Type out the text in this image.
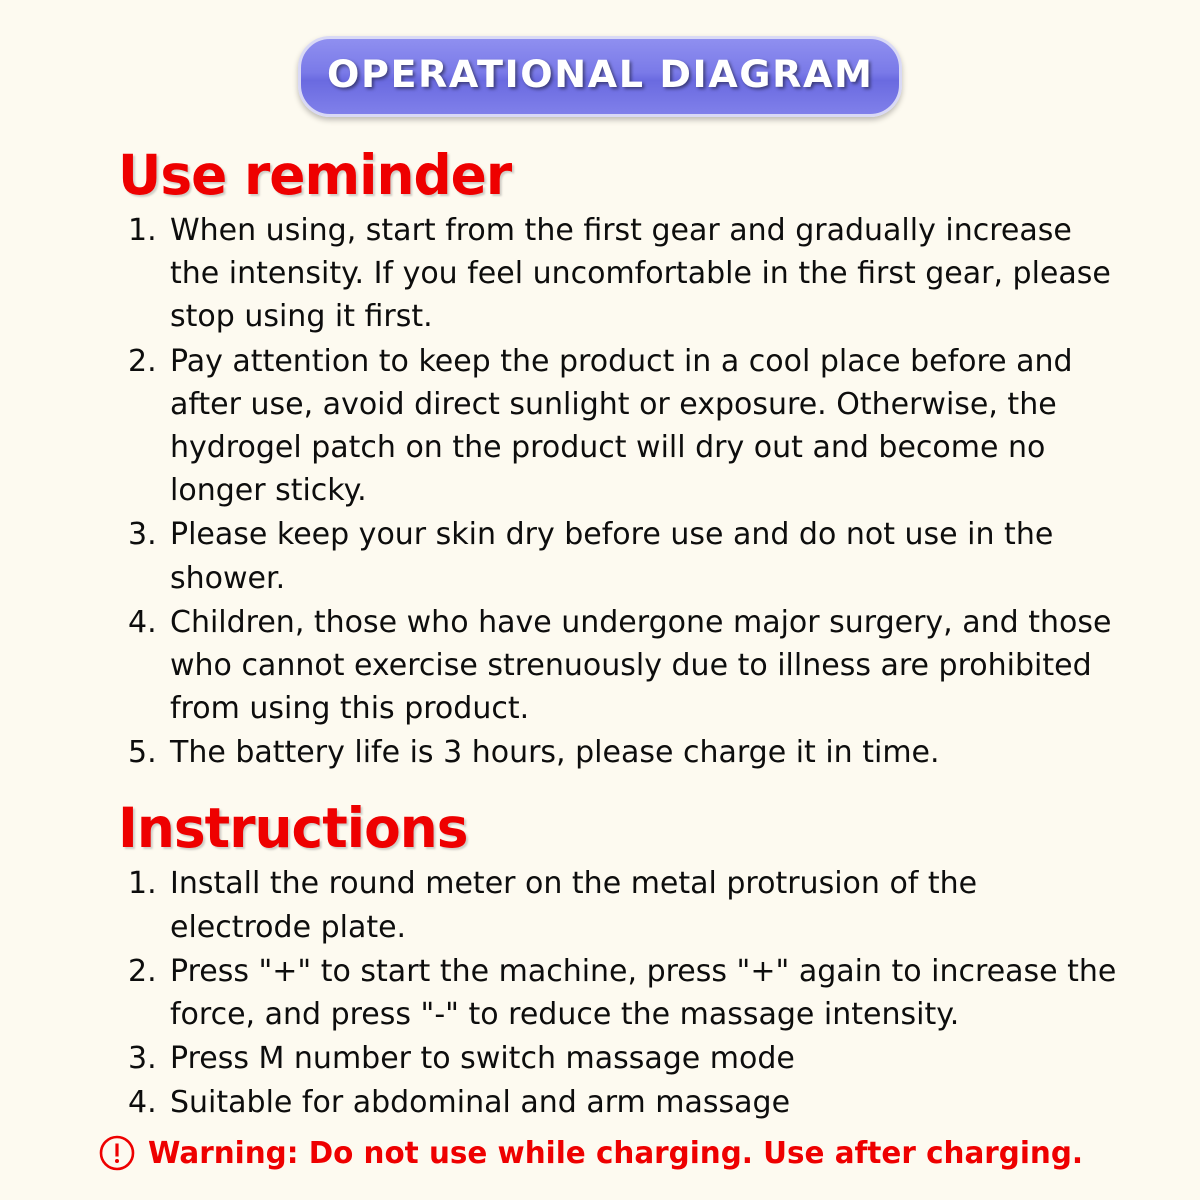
OPERATIONAL DIAGRAM
Use reminder
1. When using, start from the first gear and gradually increase the intensity. If you feel uncomfortable in the first gear, please stop using it first.
2. Pay attention to keep the product in a cool place before and after use, avoid direct sunlight or exposure. Otherwise, the hydrogel patch on the product will dry out and become no longer sticky.
3. Please keep your skin dry before use and do not use in the shower.
4. Children, those who have undergone major surgery, and those who cannot exercise strenuously due to illness are prohibited from using this product.
5. The battery life is 3 hours, please charge it in time.
Instructions
1. Install the round meter on the metal protrusion of the electrode plate.
2. Press "+" to start the machine, press "+" again to increase the force, and press "-" to reduce the massage intensity.
3. Press M number to switch massage mode
4. Suitable for abdominal and arm massage
Warning: Do not use while charging. Use after charging.
